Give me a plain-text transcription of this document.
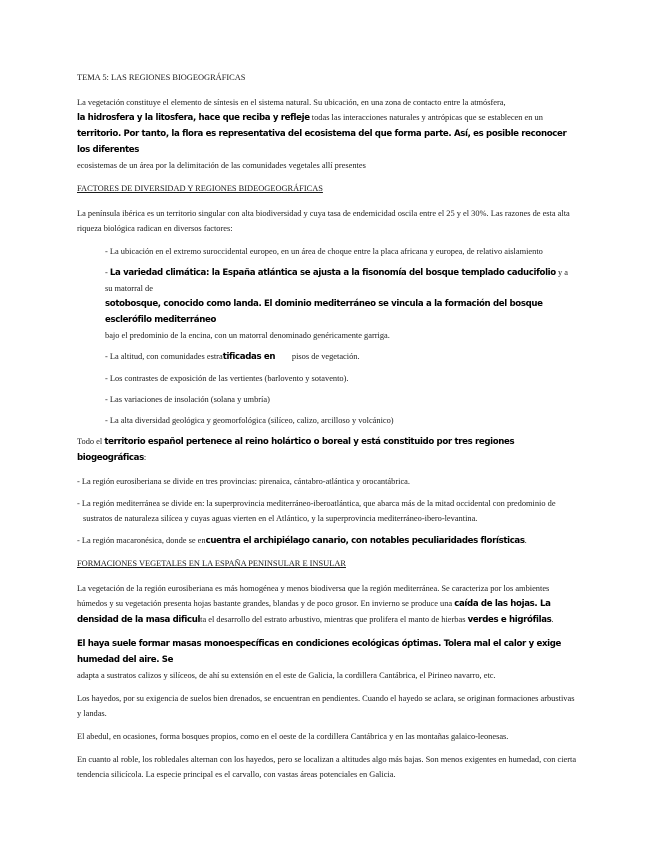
TEMA 5: LAS REGIONES BIOGEOGRÁFICAS

La vegetación constituye el elemento de síntesis en el sistema natural. Su ubicación, en una zona de contacto entre la atmósfera,
la hidrosfera y la litosfera, hace que reciba y refleje todas las interacciones naturales y antrópicas que se establecen en un
territorio. Por tanto, la flora es representativa del ecosistema del que forma parte. Así, es posible reconocer los diferentes
ecosistemas de un área por la delimitación de las comunidades vegetales allí presentes

FACTORES DE DIVERSIDAD Y REGIONES BIDEOGEOGRÁFICAS

La península ibérica es un territorio singular con alta biodiversidad y cuya tasa de endemicidad oscila entre el 25 y el 30%. Las razones de esta alta riqueza biológica radican en diversos factores:

- La ubicación en el extremo suroccidental europeo, en un área de choque entre la placa africana y europea, de relativo aislamiento

- La variedad climática: la España atlántica se ajusta a la fisonomía del bosque templado caducifolio y a su matorral de
sotobosque, conocido como landa. El dominio mediterráneo se vincula a la formación del bosque esclerófilo mediterráneo
bajo el predominio de la encina, con un matorral denominado genéricamente garriga.

- La altitud, con comunidades estratificadas en        pisos de vegetación.

- Los contrastes de exposición de las vertientes (barlovento y sotavento).

- Las variaciones de insolación (solana y umbría)

- La alta diversidad geológica y geomorfológica (silíceo, calizo, arcilloso y volcánico)

Todo el territorio español pertenece al reino holártico o boreal y está constituido por tres regiones biogeográficas:

- La región eurosiberiana se divide en tres provincias: pirenaica, cántabro-atlántica y orocantábrica.

- La región mediterránea se divide en: la superprovincia mediterráneo-iberoatlántica, que abarca más de la mitad occidental con predominio de sustratos de naturaleza silícea y cuyas aguas vierten en el Atlántico, y la superprovincia mediterráneo-ibero-levantina.

- La región macaronésica, donde se encuentra el archipiélago canario, con notables peculiaridades florísticas.

FORMACIONES VEGETALES EN LA ESPAÑA PENINSULAR E INSULAR

La vegetación de la región eurosiberiana es más homogénea y menos biodiversa que la región mediterránea. Se caracteriza por los ambientes húmedos y su vegetación presenta hojas bastante grandes, blandas y de poco grosor. En invierno se produce una caída de las hojas. La densidad de la masa dificulta el desarrollo del estrato arbustivo, mientras que prolifera el manto de hierbas verdes e higrófilas.

El haya suele formar masas monoespecíficas en condiciones ecológicas óptimas. Tolera mal el calor y exige humedad del aire. Se
adapta a sustratos calizos y silíceos, de ahí su extensión en el este de Galicia, la cordillera Cantábrica, el Pirineo navarro, etc.

Los hayedos, por su exigencia de suelos bien drenados, se encuentran en pendientes. Cuando el hayedo se aclara, se originan formaciones arbustivas y landas.

El abedul, en ocasiones, forma bosques propios, como en el oeste de la cordillera Cantábrica y en las montañas galaico-leonesas.

En cuanto al roble, los robledales alternan con los hayedos, pero se localizan a altitudes algo más bajas. Son menos exigentes en humedad, con cierta tendencia silicícola. La especie principal es el carvallo, con vastas áreas potenciales en Galicia.
